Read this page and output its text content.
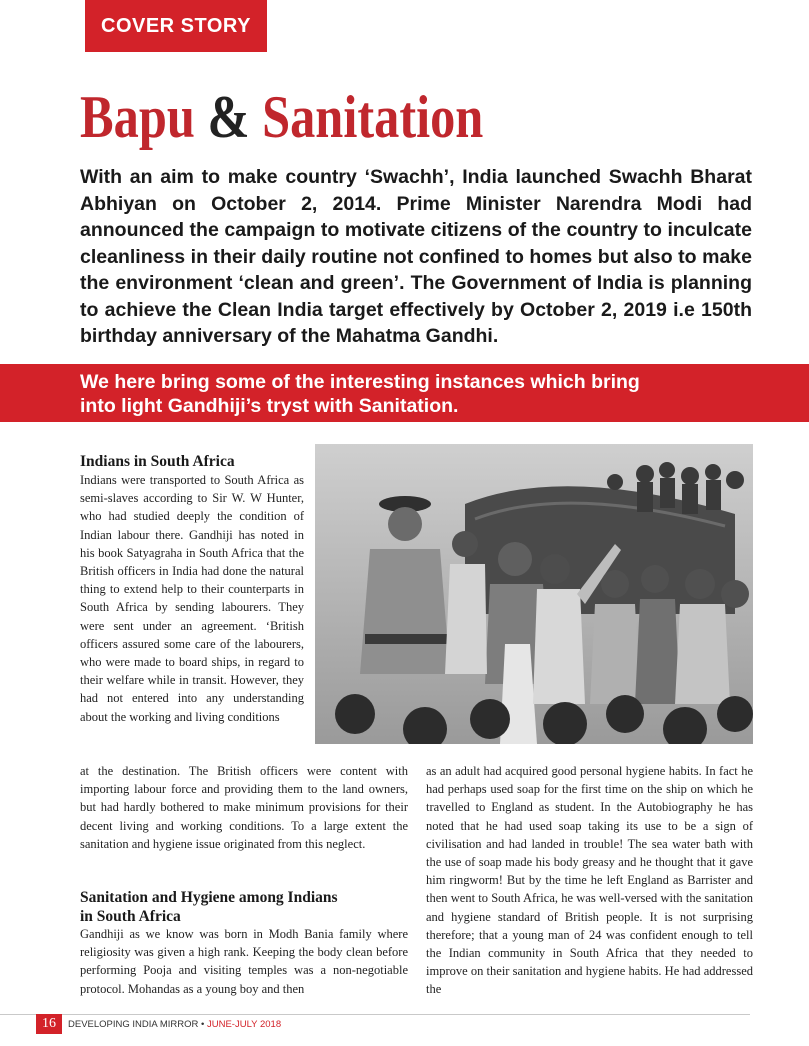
COVER STORY
Bapu & Sanitation

With an aim to make country ‘Swachh’, India launched Swachh Bharat Abhiyan on October 2, 2014. Prime Minister Narendra Modi had announced the campaign to motivate citizens of the country to inculcate cleanliness in their daily routine not confined to homes but also to make the environment ‘clean and green’. The Government of India is planning to achieve the Clean India target effectively by October 2, 2019 i.e 150th birthday anniversary of the Mahatma Gandhi.

We here bring some of the interesting instances which bring
into light Gandhiji’s tryst with Sanitation.

Indians in South Africa

Indians were transported to South Africa as semi-slaves according to Sir W. W Hunter, who had studied deeply the condition of Indian labour there. Gandhiji has noted in his book Satyagraha in South Africa that the British officers in India had done the natural thing to extend help to their counterparts in South Africa by sending labourers. They were sent under an agreement. ‘British officers assured some care of the labourers, who were made to board ships, in regard to their welfare while in transit. However, they had not entered into any understanding about the working and living conditions

at the destination. The British officers were content with importing labour force and providing them to the land owners, but had hardly bothered to make minimum provisions for their decent living and working conditions. To a large extent the sanitation and hygiene issue originated from this neglect.

Sanitation and Hygiene among Indians in South Africa

Gandhiji as we know was born in Modh Bania family where religiosity was given a high rank. Keeping the body clean before performing Pooja and visiting temples was a non-negotiable protocol. Mohandas as a young boy and then

as an adult had acquired good personal hygiene habits. In fact he had perhaps used soap for the first time on the ship on which he travelled to England as student. In the Autobiography he has noted that he had used soap taking its use to be a sign of civilisation and had landed in trouble! The sea water bath with the use of soap made his body greasy and he thought that it gave him ringworm! But by the time he left England as Barrister and then went to South Africa, he was well-versed with the sanitation and hygiene standard of British people. It is not surprising therefore; that a young man of 24 was confident enough to tell the Indian community in South Africa that they needed to improve on their sanitation and hygiene habits. He had addressed the

16	DEVELOPING INDIA MIRROR • JUNE-JULY 2018
